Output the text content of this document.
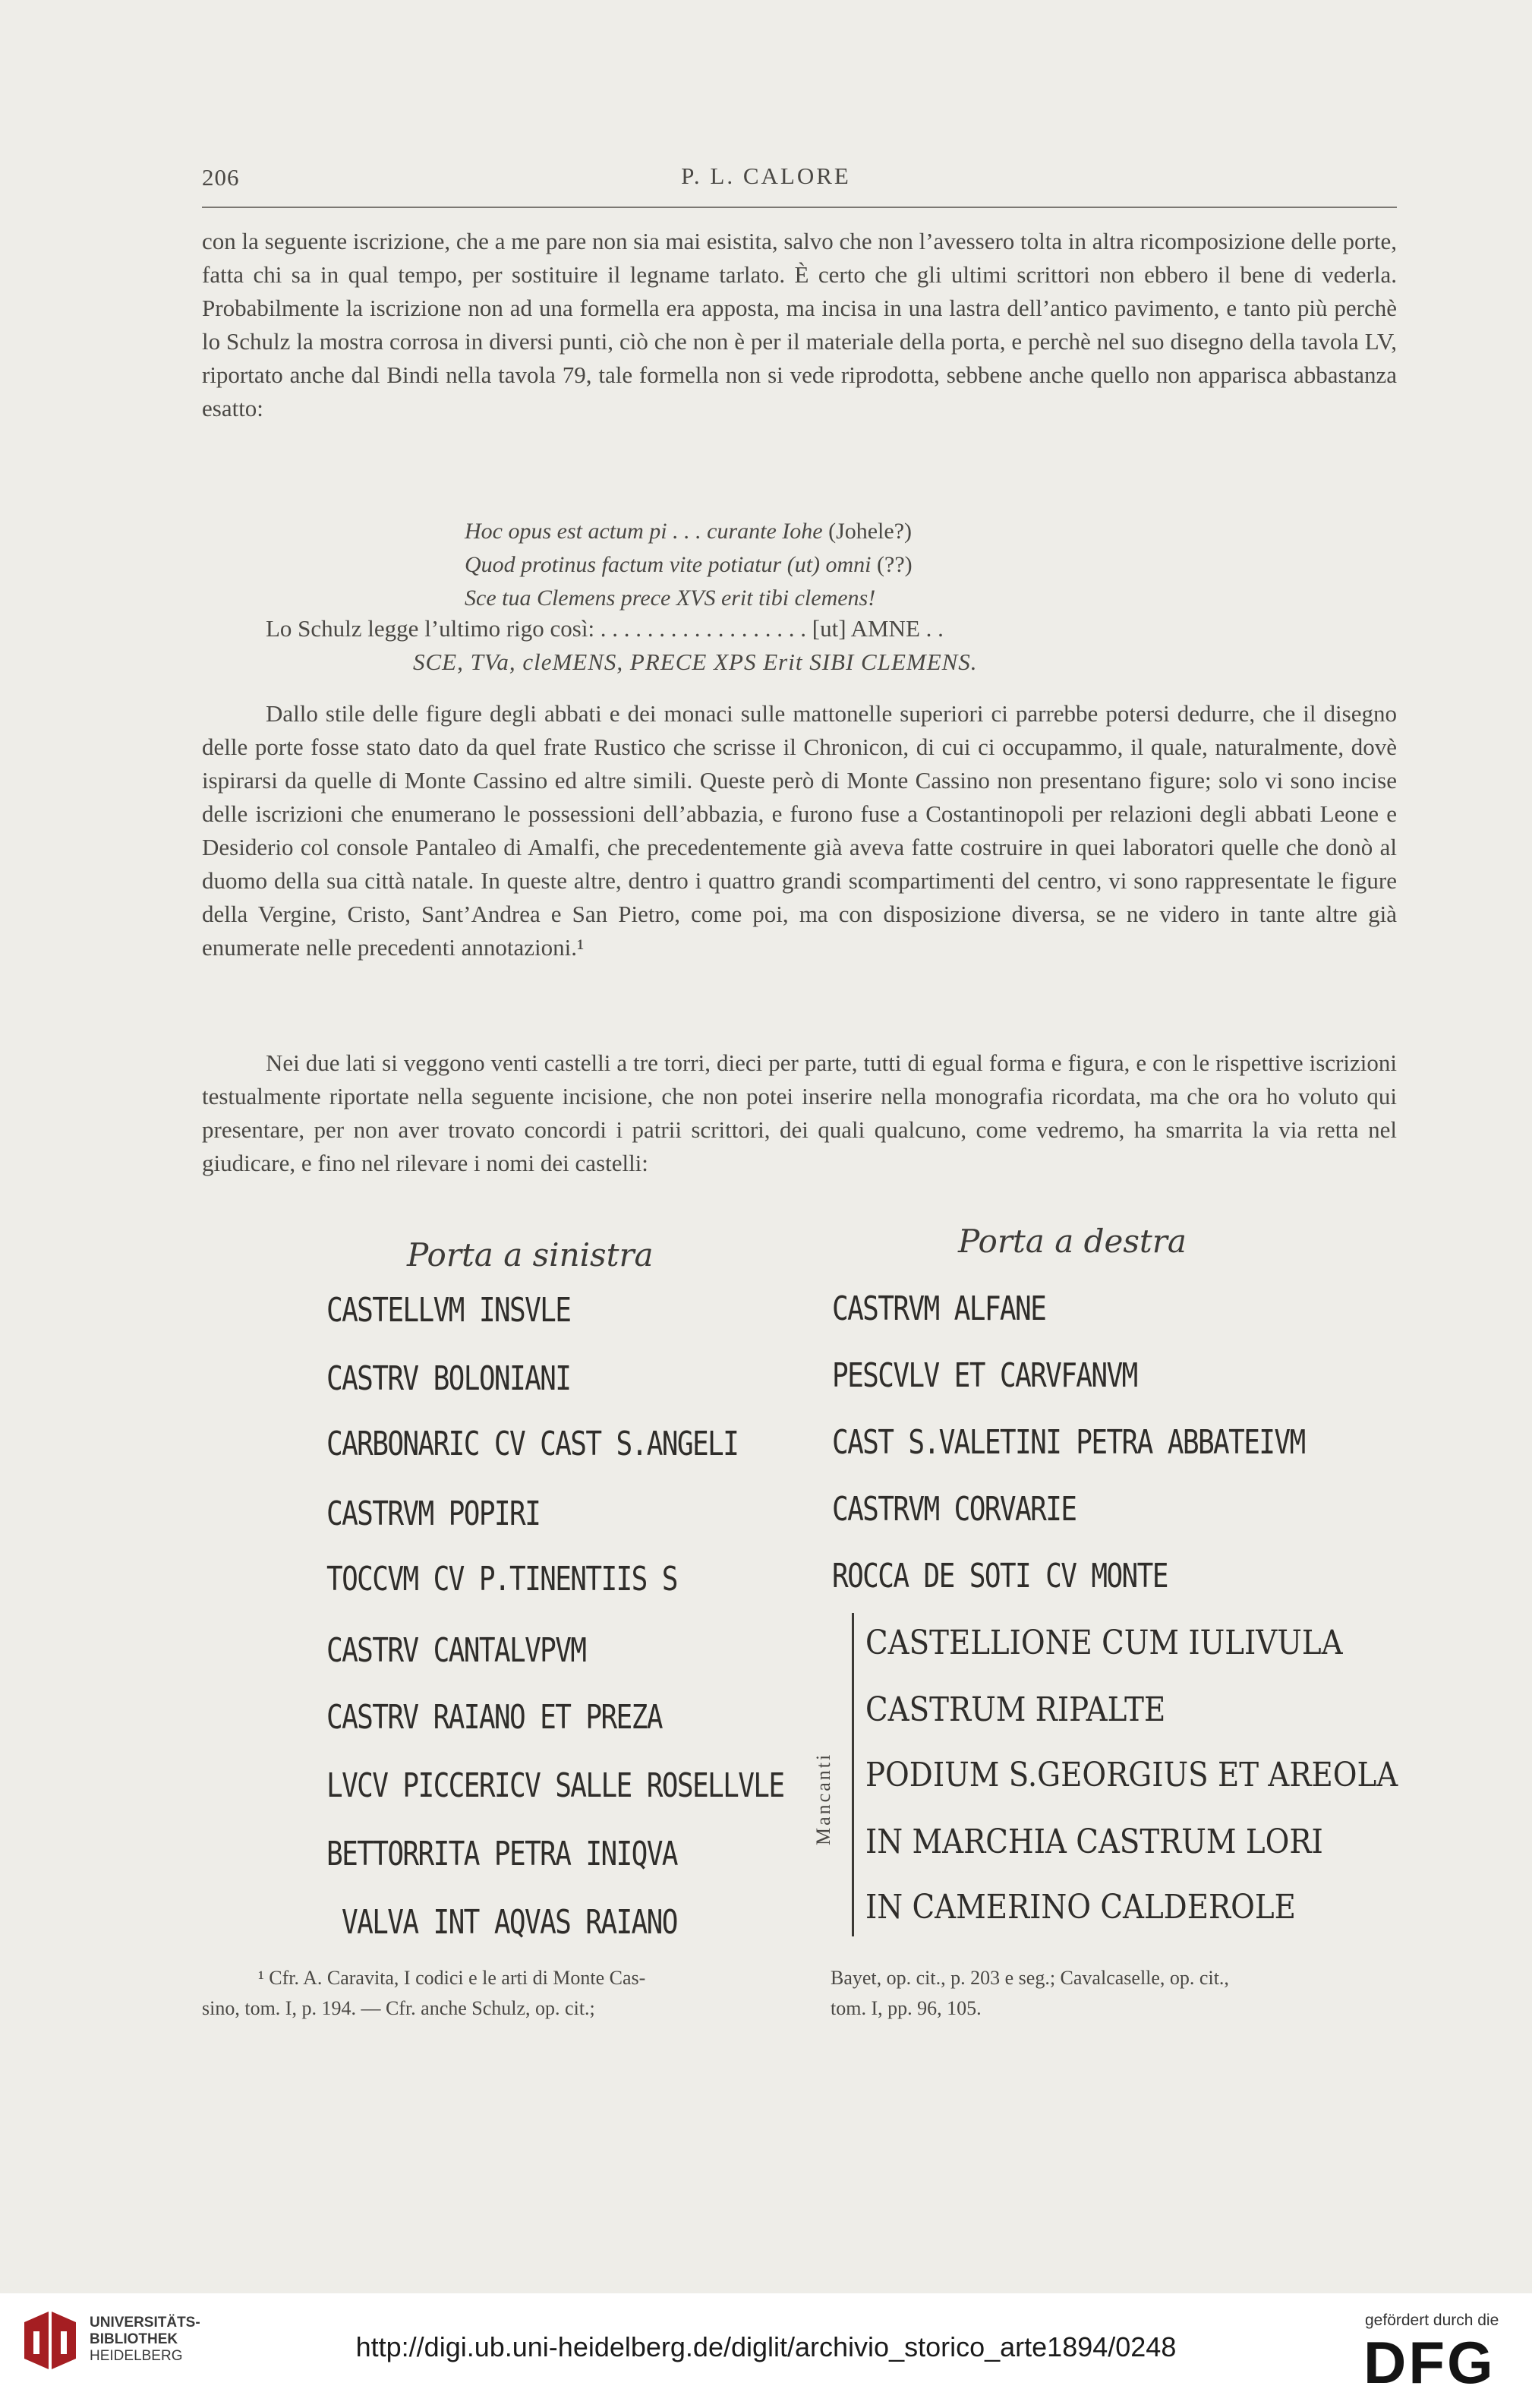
206	P. L. CALORE

con la seguente iscrizione, che a me pare non sia mai esistita, salvo che non l’avessero tolta in altra ricomposizione delle porte, fatta chi sa in qual tempo, per sostituire il legname tarlato. È certo che gli ultimi scrittori non ebbero il bene di vederla. Probabilmente la iscrizione non ad una formella era apposta, ma incisa in una lastra dell’antico pavimento, e tanto più perchè lo Schulz la mostra corrosa in diversi punti, ciò che non è per il materiale della porta, e perchè nel suo disegno della tavola LV, riportato anche dal Bindi nella tavola 79, tale formella non si vede riprodotta, sebbene anche quello non apparisca abbastanza esatto:

Hoc opus est actum pi . . . curante Iohe (Johele?)
Quod protinus factum vite potiatur (ut) omni (??)
Sce tua Clemens prece XVS erit tibi clemens!
Lo Schulz legge l’ultimo rigo così: . . . . . . . . . . . . . . . . . . [ut] AMNE . .
SCE, TVa, cleMENS, PRECE XPS Erit SIBI CLEMENS.

Dallo stile delle figure degli abbati e dei monaci sulle mattonelle superiori ci parrebbe potersi dedurre, che il disegno delle porte fosse stato dato da quel frate Rustico che scrisse il Chronicon, di cui ci occupammo, il quale, naturalmente, dovè ispirarsi da quelle di Monte Cassino ed altre simili. Queste però di Monte Cassino non presentano figure; solo vi sono incise delle iscrizioni che enumerano le possessioni dell’abbazia, e furono fuse a Costantinopoli per relazioni degli abbati Leone e Desiderio col console Pantaleo di Amalfi, che precedentemente già aveva fatte costruire in quei laboratori quelle che donò al duomo della sua città natale. In queste altre, dentro i quattro grandi scompartimenti del centro, vi sono rappresentate le figure della Vergine, Cristo, Sant’Andrea e San Pietro, come poi, ma con disposizione diversa, se ne videro in tante altre già enumerate nelle precedenti annotazioni.¹

Nei due lati si veggono venti castelli a tre torri, dieci per parte, tutti di egual forma e figura, e con le rispettive iscrizioni testualmente riportate nella seguente incisione, che non potei inserire nella monografia ricordata, ma che ora ho voluto qui presentare, per non aver trovato concordi i patrii scrittori, dei quali qualcuno, come vedremo, ha smarrita la via retta nel giudicare, e fino nel rilevare i nomi dei castelli:

Porta a sinistra	Porta a destra
CASTELLVM INSVLE
CASTRV BOLONIANI
CARBONARIC CV CAST S.ANGELI
CASTRVM POPIRI
TOCCVM CV P.TINENTIIS S
CASTRV CANTALVPVM
CASTRV RAIANO ET PREZA
LVCV PICCERICV SALLE ROSELLVLE
BETTORRITA PETRA INIQVA
VALVA INT AQVAS RAIANO
CASTRVM ALFANE
PESCVLV ET CARVFANVM
CAST S.VALETINI PETRA ABBATEIVM
CASTRVM CORVARIE
ROCCA DE SOTI CV MONTE
Mancanti
CASTELLIONE CUM IULIVULA
CASTRUM RIPALTE
PODIUM S.GEORGIUS ET AREOLA
IN MARCHIA CASTRUM LORI
IN CAMERINO CALDEROLE
¹ Cfr. A. Caravita, I codici e le arti di Monte Cas-
sino, tom. I, p. 194. — Cfr. anche Schulz, op. cit.;
Bayet, op. cit., p. 203 e seg.; Cavalcaselle, op. cit.,
tom. I, pp. 96, 105.
UNIVERSITÄTS-
BIBLIOTHEK
HEIDELBERG	http://digi.ub.uni-heidelberg.de/diglit/archivio_storico_arte1894/0248
gefördert durch die
DFG
